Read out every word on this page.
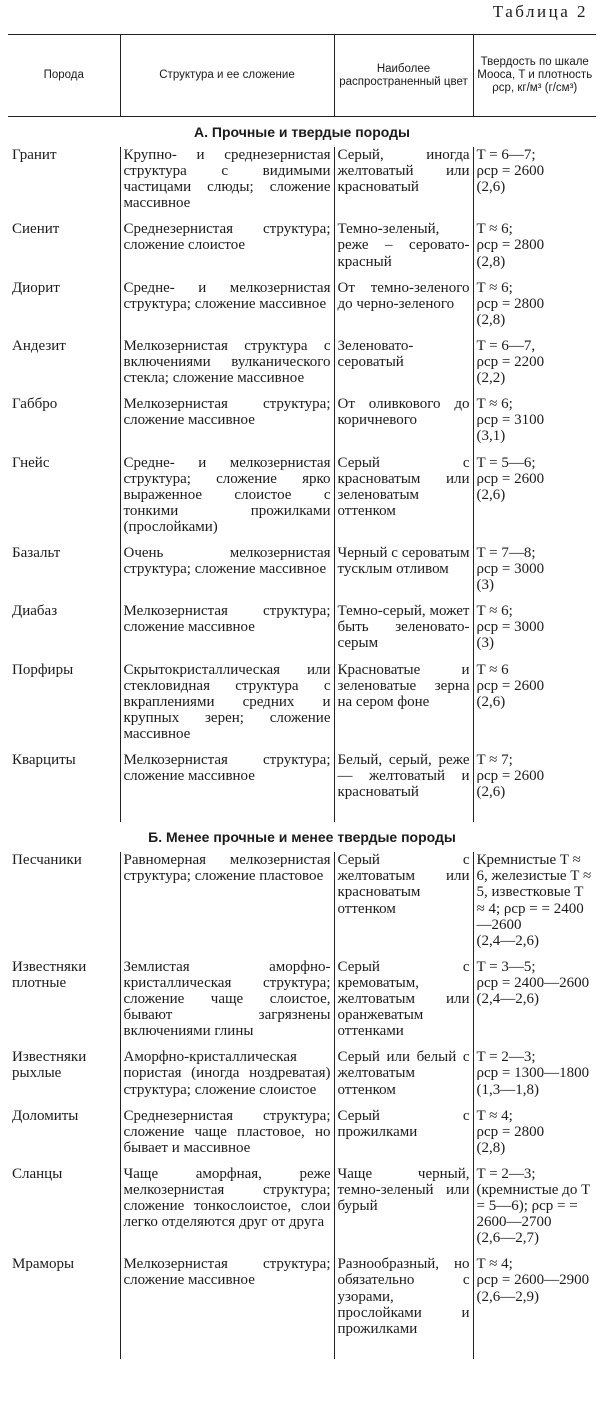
Таблица 2
Порода	Структура и ее сложение	Наиболее распространенный цвет	Твердость по шкале Мооса, T и плотность ρср, кг/м³ (г/см³)
А. Прочные и твердые породы			
Гранит	Крупно- и среднезернистая структура с видимыми частицами слюды; сложение массивное	Серый, иногда желтоватый или красноватый	T = 6—7;
ρср = 2600
(2,6)
Сиенит	Среднезернистая структура; сложение слоистое	Темно-зеленый, реже – серовато-красный	T ≈ 6;
ρср = 2800
(2,8)
Диорит	Средне- и мелкозернистая структура; сложение массивное	От темно-зеленого до черно-зеленого	T ≈ 6;
ρср = 2800
(2,8)
Андезит	Мелкозернистая структура с включениями вулканического стекла; сложение массивное	Зеленовато-сероватый	T = 6—7,
ρср = 2200
(2,2)
Габбро	Мелкозернистая структура; сложение массивное	От оливкового до коричневого	T ≈ 6;
ρср = 3100
(3,1)
Гнейс	Средне- и мелкозернистая структура; сложение ярко выраженное слоистое с тонкими прожилками (прослойками)	Серый с красноватым или зеленоватым оттенком	T = 5—6;
ρср = 2600
(2,6)
Базальт	Очень мелкозернистая структура; сложение массивное	Черный с сероватым тусклым отливом	T = 7—8;
ρср = 3000
(3)
Диабаз	Мелкозернистая структура; сложение массивное	Темно-серый, может быть зеленовато-серым	T ≈ 6;
ρср = 3000
(3)
Порфиры	Скрытокристаллическая или стекловидная структура с вкраплениями средних и крупных зерен; сложение массивное	Красноватые и зеленоватые зерна на сером фоне	T ≈ 6
ρср = 2600
(2,6)
Кварциты	Мелкозернистая структура; сложение массивное	Белый, серый, реже — желтоватый и красноватый	T ≈ 7;
ρср = 2600
(2,6)

Б. Менее прочные и менее твердые породы			
Песчаники	Равномерная мелкозернистая структура; сложение пластовое	Серый с желтоватым или красноватым оттенком	Кремнистые T ≈ 6, железистые T ≈ 5, известковые T ≈ 4; ρср = = 2400—2600
(2,4—2,6)
Известняки плотные	Землистая аморфно-кристаллическая структура; сложение чаще слоистое, бывают загрязнены включениями глины	Серый с кремоватым, желтоватым или оранжеватым оттенками	T = 3—5;
ρср = 2400—2600
(2,4—2,6)
Известняки рыхлые	Аморфно-кристаллическая пористая (иногда ноздреватая) структура; сложение слоистое	Серый или белый с желтоватым оттенком	T = 2—3;
ρср = 1300—1800
(1,3—1,8)
Доломиты	Среднезернистая структура; сложение чаще пластовое, но бывает и массивное	Серый с прожилками	T ≈ 4;
ρср = 2800
(2,8)
Сланцы	Чаще аморфная, реже мелкозернистая структура; сложение тонкослоистое, слои легко отделяются друг от друга	Чаще черный, темно-зеленый или бурый	T = 2—3;
(кремнистые до T = 5—6); ρср = = 2600—2700
(2,6—2,7)
Мраморы	Мелкозернистая структура; сложение массивное	Разнообразный, но обязательно с узорами, прослойками и прожилками	T ≈ 4;
ρср = 2600—2900
(2,6—2,9)
